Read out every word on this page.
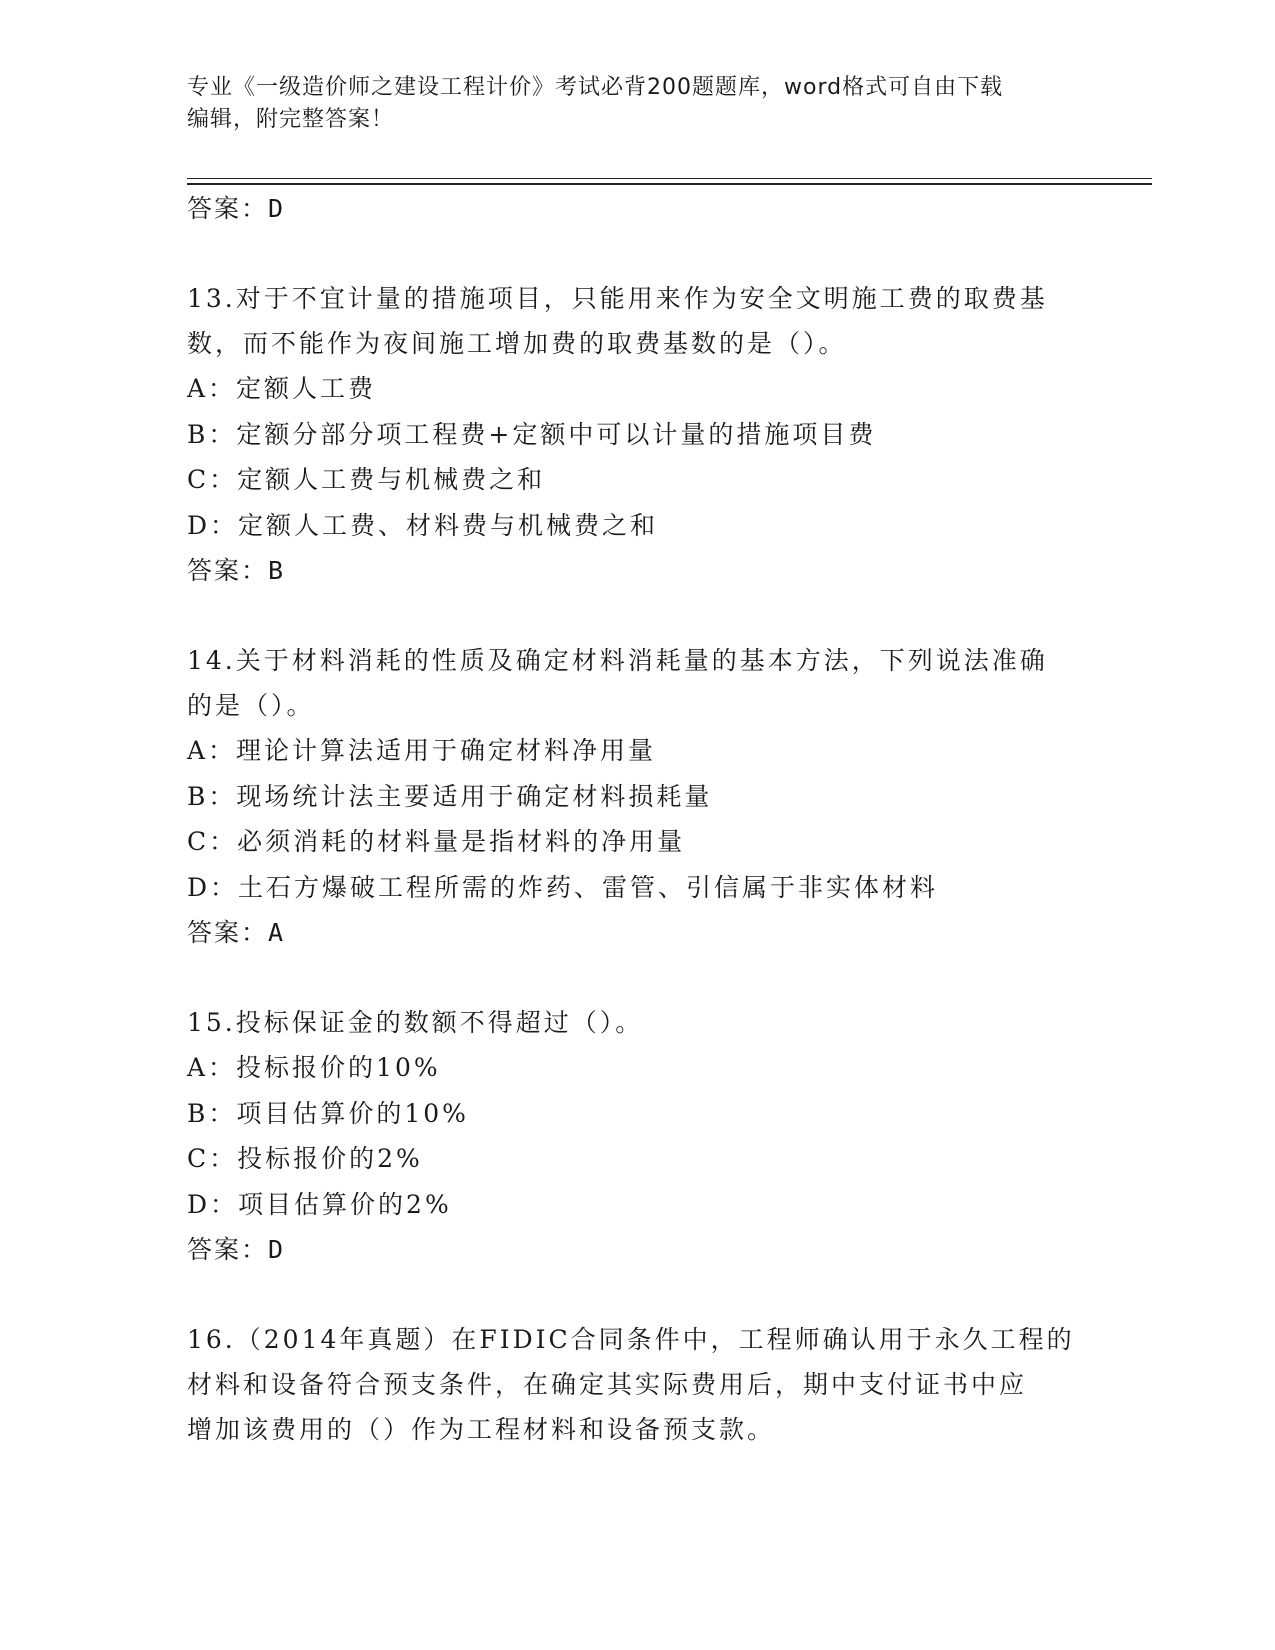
专业《一级造价师之建设工程计价》考试必背200题题库，word格式可自由下载
编辑，附完整答案！

答案：D

13.对于不宜计量的措施项目，只能用来作为安全文明施工费的取费基

数，而不能作为夜间施工增加费的取费基数的是（）。

A：定额人工费

B：定额分部分项工程费+定额中可以计量的措施项目费

C：定额人工费与机械费之和

D：定额人工费、材料费与机械费之和

答案：B

14.关于材料消耗的性质及确定材料消耗量的基本方法，下列说法准确

的是（）。

A：理论计算法适用于确定材料净用量

B：现场统计法主要适用于确定材料损耗量

C：必须消耗的材料量是指材料的净用量

D：土石方爆破工程所需的炸药、雷管、引信属于非实体材料

答案：A

15.投标保证金的数额不得超过（）。

A：投标报价的10%

B：项目估算价的10%

C：投标报价的2%

D：项目估算价的2%

答案：D

16.（2014年真题）在FIDIC合同条件中，工程师确认用于永久工程的

材料和设备符合预支条件，在确定其实际费用后，期中支付证书中应

增加该费用的（）作为工程材料和设备预支款。
